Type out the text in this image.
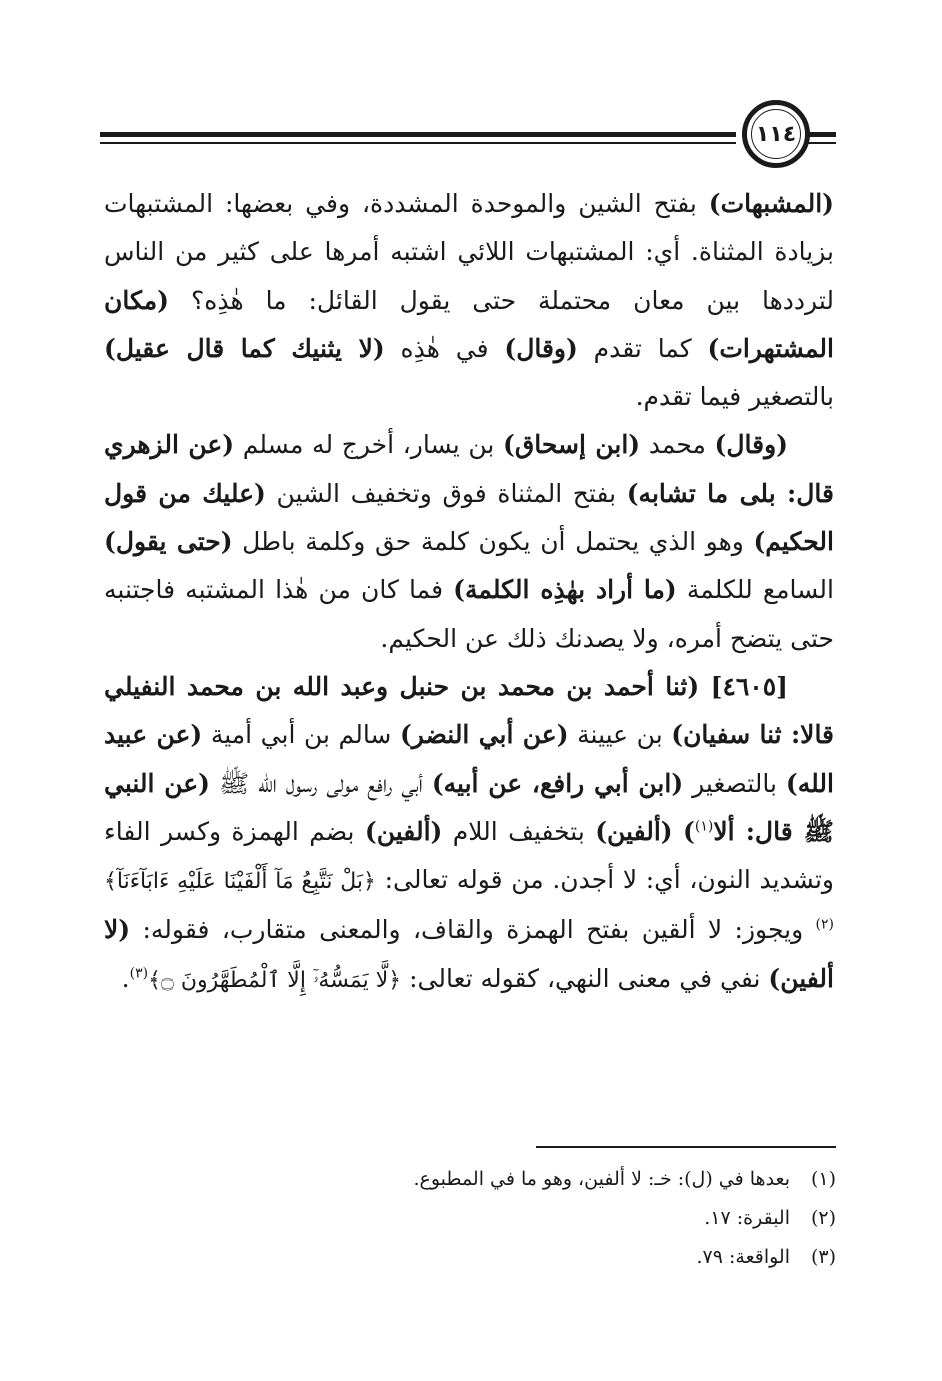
١١٤

(المشبهات) بفتح الشين والموحدة المشددة، وفي بعضها: المشتبهات بزيادة المثناة. أي: المشتبهات اللائي اشتبه أمرها على كثير من الناس لترددها بين معان محتملة حتى يقول القائل: ما هٰذِه؟ (مكان المشتهرات) كما تقدم (وقال) في هٰذِه (لا يثنيك كما قال عقيل) بالتصغير فيما تقدم.

(وقال) محمد (ابن إسحاق) بن يسار، أخرج له مسلم (عن الزهري قال: بلى ما تشابه) بفتح المثناة فوق وتخفيف الشين (عليك من قول الحكيم) وهو الذي يحتمل أن يكون كلمة حق وكلمة باطل (حتى يقول) السامع للكلمة (ما أراد بهٰذِه الكلمة) فما كان من هٰذا المشتبه فاجتنبه حتى يتضح أمره، ولا يصدنك ذلك عن الحكيم.

[٤٦٠٥] (ثنا أحمد بن محمد بن حنبل وعبد الله بن محمد النفيلي قالا: ثنا سفيان) بن عيينة (عن أبي النضر) سالم بن أبي أمية (عن عبيد الله) بالتصغير (ابن أبي رافع، عن أبيه) أبي رافع مولى رسول الله ﷺ (عن النبي ﷺ قال: ألا$^{(١)}$) (ألفين) بتخفيف اللام (ألفين) بضم الهمزة وكسر الفاء وتشديد النون، أي: لا أجدن. من قوله تعالى: ﴿بَلْ نَتَّبِعُ مَآ أَلْفَيْنَا عَلَيْهِ ءَابَآءَنَآ﴾$^{(٢)}$ ويجوز: لا ألقين بفتح الهمزة والقاف، والمعنى متقارب، فقوله: (لا ألفين) نفي في معنى النهي، كقوله تعالى: ﴿لَّا يَمَسُّهُۥٓ إِلَّا ٱلْمُطَهَّرُونَ ۝﴾$^{(٣)}$.

(١)بعدها في (ل): خـ: لا ألفين، وهو ما في المطبوع.
(٢)البقرة: ١٧.
(٣)الواقعة: ٧٩.
